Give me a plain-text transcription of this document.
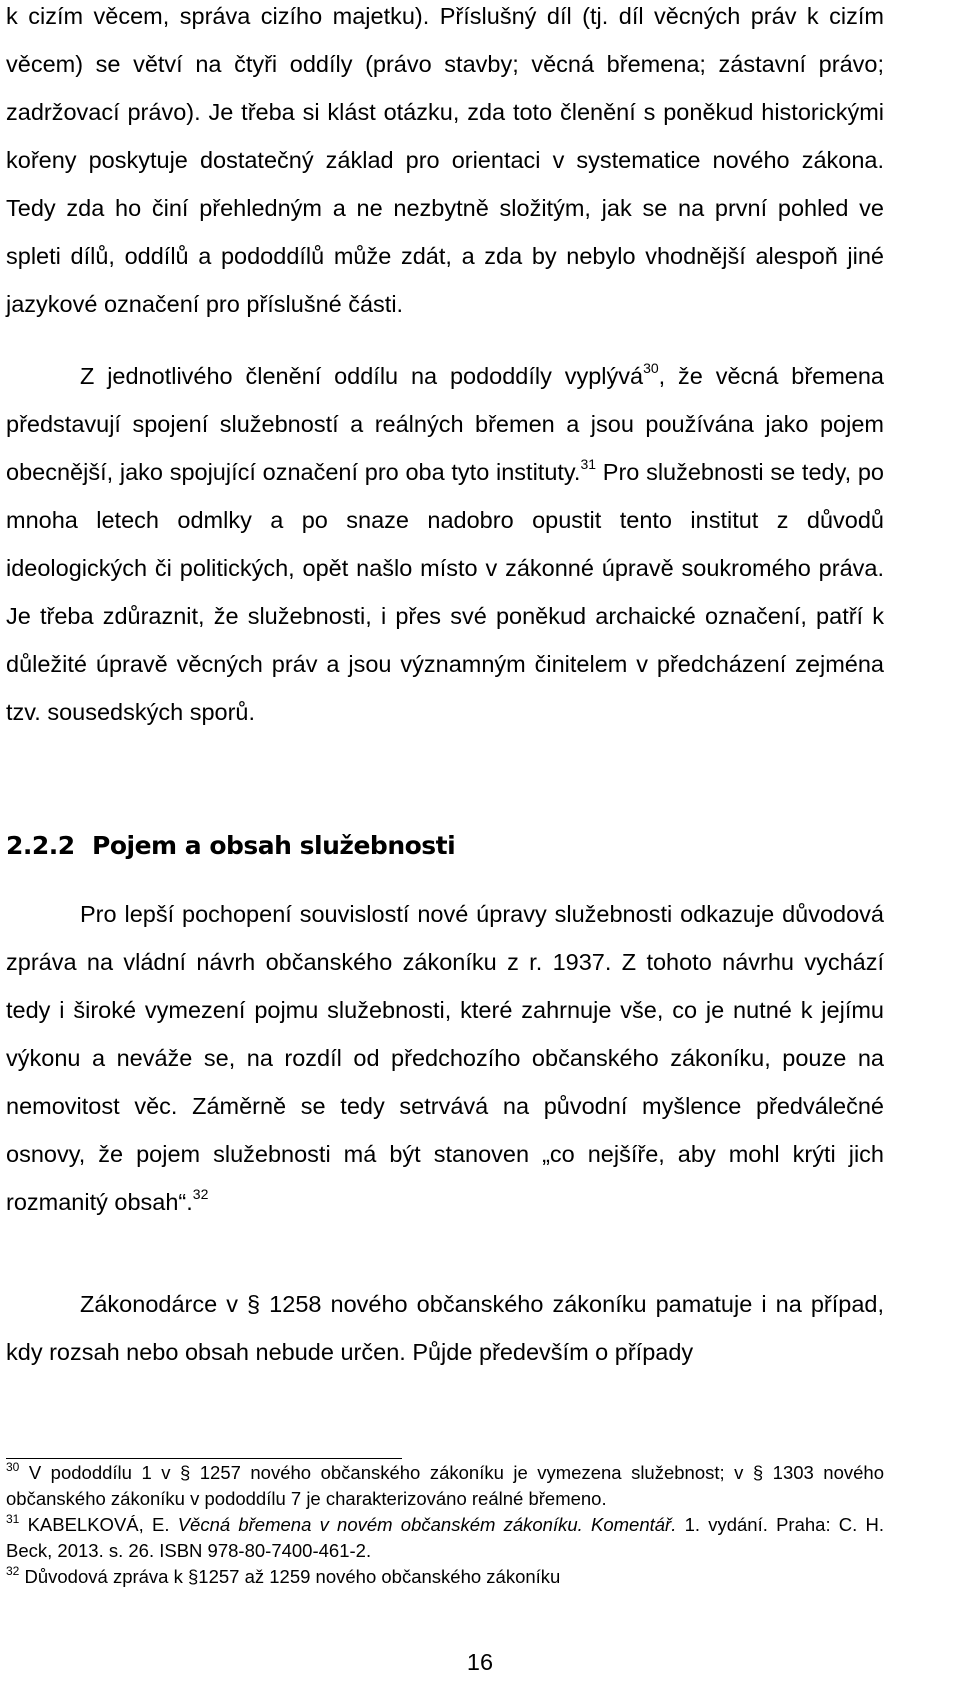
k cizím věcem, správa cizího majetku). Příslušný díl (tj. díl věcných práv k cizím věcem) se větví na čtyři oddíly (právo stavby; věcná břemena; zástavní právo; zadržovací právo). Je třeba si klást otázku, zda toto členění s poněkud historickými kořeny poskytuje dostatečný základ pro orientaci v systematice nového zákona. Tedy zda ho činí přehledným a ne nezbytně složitým, jak se na první pohled ve spleti dílů, oddílů a pododdílů může zdát, a zda by nebylo vhodnější alespoň jiné jazykové označení pro příslušné části.

Z jednotlivého členění oddílu na pododdíly vyplývá$^{30}$, že věcná břemena představují spojení služebností a reálných břemen a jsou používána jako pojem obecnější, jako spojující označení pro oba tyto instituty.$^{31}$ Pro služebnosti se tedy, po mnoha letech odmlky a po snaze nadobro opustit tento institut z důvodů ideologických či politických, opět našlo místo v zákonné úpravě soukromého práva. Je třeba zdůraznit, že služebnosti, i přes své poněkud archaické označení, patří k důležité úpravě věcných práv a jsou významným činitelem v předcházení zejména tzv. sousedských sporů.

2.2.2 Pojem a obsah služebnosti

Pro lepší pochopení souvislostí nové úpravy služebnosti odkazuje důvodová zpráva na vládní návrh občanského zákoníku z r. 1937. Z tohoto návrhu vychází tedy i široké vymezení pojmu služebnosti, které zahrnuje vše, co je nutné k jejímu výkonu a neváže se, na rozdíl od předchozího občanského zákoníku, pouze na nemovitost věc. Záměrně se tedy setrvává na původní myšlence předválečné osnovy, že pojem služebnosti má být stanoven „co nejšíře, aby mohl krýti jich rozmanitý obsah“.$^{32}$

Zákonodárce v § 1258 nového občanského zákoníku pamatuje i na případ, kdy rozsah nebo obsah nebude určen. Půjde především o případy

$^{30}$ V pododdílu 1 v § 1257 nového občanského zákoníku je vymezena služebnost; v § 1303 nového občanského zákoníku v pododdílu 7 je charakterizováno reálné břemeno.

$^{31}$ KABELKOVÁ, E. Věcná břemena v novém občanském zákoníku. Komentář. 1. vydání. Praha: C. H. Beck, 2013. s. 26. ISBN 978-80-7400-461-2.

$^{32}$ Důvodová zpráva k §1257 až 1259 nového občanského zákoníku

16
